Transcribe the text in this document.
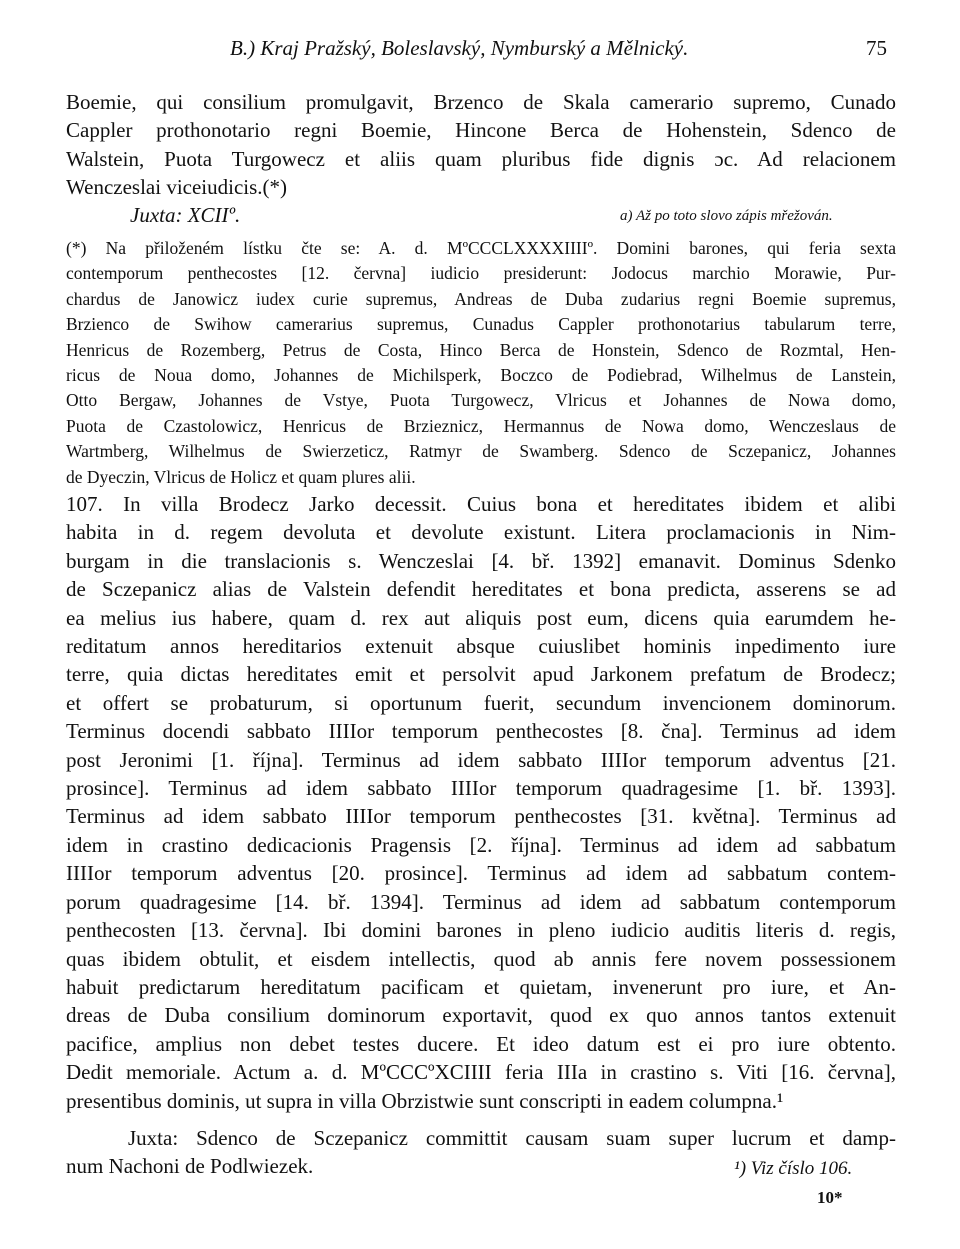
B.) Kraj Pražský, Boleslavský, Nymburský a Mělnický.	75
Boemie, qui consilium promulgavit, Brzenco de Skala camerario supremo, Cunado
Cappler prothonotario regni Boemie, Hincone Berca de Hohenstein, Sdenco de
Walstein, Puota Turgowecz et aliis quam pluribus fide dignis ɔc. Ad relacionem
Wenczeslai viceiudicis.(*)
Juxta: XCIIº.	a) Až po toto slovo zápis mřežován.
(*) Na přiloženém lístku čte se: A. d. MºCCCLXXXXIIIIº. Domini barones, qui feria sexta
contemporum penthecostes [12. června] iudicio presiderunt: Jodocus marchio Morawie, Pur-
chardus de Janowicz iudex curie supremus, Andreas de Duba zudarius regni Boemie supremus,
Brzienco de Swihow camerarius supremus, Cunadus Cappler prothonotarius tabularum terre,
Henricus de Rozemberg, Petrus de Costa, Hinco Berca de Honstein, Sdenco de Rozmtal, Hen-
ricus de Noua domo, Johannes de Michilsperk, Boczco de Podiebrad, Wilhelmus de Lanstein,
Otto Bergaw, Johannes de Vstye, Puota Turgowecz, Vlricus et Johannes de Nowa domo,
Puota de Czastolowicz, Henricus de Brzieznicz, Hermannus de Nowa domo, Wenczeslaus de
Wartmberg, Wilhelmus de Swierzeticz, Ratmyr de Swamberg. Sdenco de Sczepanicz, Johannes
de Dyeczin, Vlricus de Holicz et quam plures alii.
107. In villa Brodecz Jarko decessit. Cuius bona et hereditates ibidem et alibi
habita in d. regem devoluta et devolute existunt. Litera proclamacionis in Nim-
burgam in die translacionis s. Wenczeslai [4. bř. 1392] emanavit. Dominus Sdenko
de Sczepanicz alias de Valstein defendit hereditates et bona predicta, asserens se ad
ea melius ius habere, quam d. rex aut aliquis post eum, dicens quia earumdem he-
reditatum annos hereditarios extenuit absque cuiuslibet hominis inpedimento iure
terre, quia dictas hereditates emit et persolvit apud Jarkonem prefatum de Brodecz;
et offert se probaturum, si oportunum fuerit, secundum invencionem dominorum.
Terminus docendi sabbato IIIIor temporum penthecostes [8. čna]. Terminus ad idem
post Jeronimi [1. října]. Terminus ad idem sabbato IIIIor temporum adventus [21.
prosince]. Terminus ad idem sabbato IIIIor temporum quadragesime [1. bř. 1393].
Terminus ad idem sabbato IIIIor temporum penthecostes [31. května]. Terminus ad
idem in crastino dedicacionis Pragensis [2. října]. Terminus ad idem ad sabbatum
IIIIor temporum adventus [20. prosince]. Terminus ad idem ad sabbatum contem-
porum quadragesime [14. bř. 1394]. Terminus ad idem ad sabbatum contemporum
penthecosten [13. června]. Ibi domini barones in pleno iudicio auditis literis d. regis,
quas ibidem obtulit, et eisdem intellectis, quod ab annis fere novem possessionem
habuit predictarum hereditatum pacificam et quietam, invenerunt pro iure, et An-
dreas de Duba consilium dominorum exportavit, quod ex quo annos tantos extenuit
pacifice, amplius non debet testes ducere. Et ideo datum est ei pro iure obtento.
Dedit memoriale. Actum a. d. MºCCCºXCIIII feria IIIa in crastino s. Viti [16. června],
presentibus dominis, ut supra in villa Obrzistwie sunt conscripti in eadem columpna.¹
Juxta: Sdenco de Sczepanicz committit causam suam super lucrum et damp-
num Nachoni de Podlwiezek.	¹) Viz číslo 106.
10*
